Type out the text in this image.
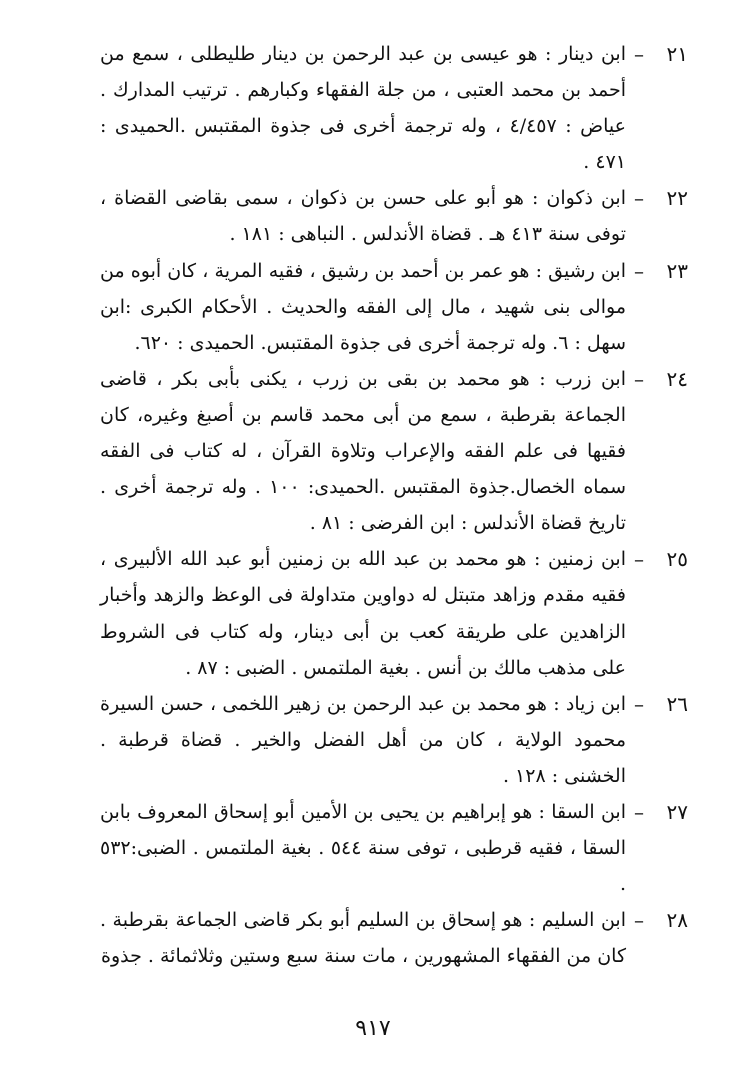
٢١
–
ابن دينار : هو عيسى بن عبد الرحمن بن دينار طليطلى ، سمع من أحمد بن محمد العتبى ، من جلة الفقهاء وكبارهم . ترتيب المدارك . عياض : ٤/٤٥٧ ، وله ترجمة أخرى فى جذوة المقتبس .الحميدى : ٤٧١ .
٢٢
–
ابن ذكوان : هو أبو على حسن بن ذكوان ، سمى بقاضى القضاة ، توفى سنة ٤١٣ هـ . قضاة الأندلس . النباهى : ١٨١ .
٢٣
–
ابن رشيق : هو عمر بن أحمد بن رشيق ، فقيه المرية ، كان أبوه من موالى بنى شهيد ، مال إلى الفقه والحديث . الأحكام الكبرى :ابن سهل : ٦. وله ترجمة أخرى فى جذوة المقتبس. الحميدى : ٦٢٠.
٢٤
–
ابن زرب : هو محمد بن بقى بن زرب ، يكنى بأبى بكر ، قاضى الجماعة بقرطبة ، سمع من أبى محمد قاسم بن أصبغ وغيره، كان فقيها فى علم الفقه والإعراب وتلاوة القرآن ، له كتاب فى الفقه سماه الخصال.جذوة المقتبس .الحميدى: ١٠٠ . وله ترجمة أخرى . تاريخ قضاة الأندلس : ابن الفرضى : ٨١ .
٢٥
–
ابن زمنين : هو محمد بن عبد الله بن زمنين أبو عبد الله الألبيرى ، فقيه مقدم وزاهد متبتل له دواوين متداولة فى الوعظ والزهد وأخبار الزاهدين على طريقة كعب بن أبى دينار، وله كتاب فى الشروط على مذهب مالك بن أنس . بغية الملتمس . الضبى : ٨٧ .
٢٦
–
ابن زياد : هو محمد بن عبد الرحمن بن زهير اللخمى ، حسن السيرة محمود الولاية ، كان من أهل الفضل والخير . قضاة قرطبة . الخشنى : ١٢٨ .
٢٧
–
ابن السقا : هو إبراهيم بن يحيى بن الأمين أبو إسحاق المعروف بابن السقا ، فقيه قرطبى ، توفى سنة ٥٤٤ . بغية الملتمس . الضبى:٥٣٢ .
٢٨
–
ابن السليم : هو إسحاق بن السليم أبو بكر قاضى الجماعة بقرطبة . كان من الفقهاء المشهورين ، مات سنة سبع وستين وثلاثمائة . جذوة
٩١٧
